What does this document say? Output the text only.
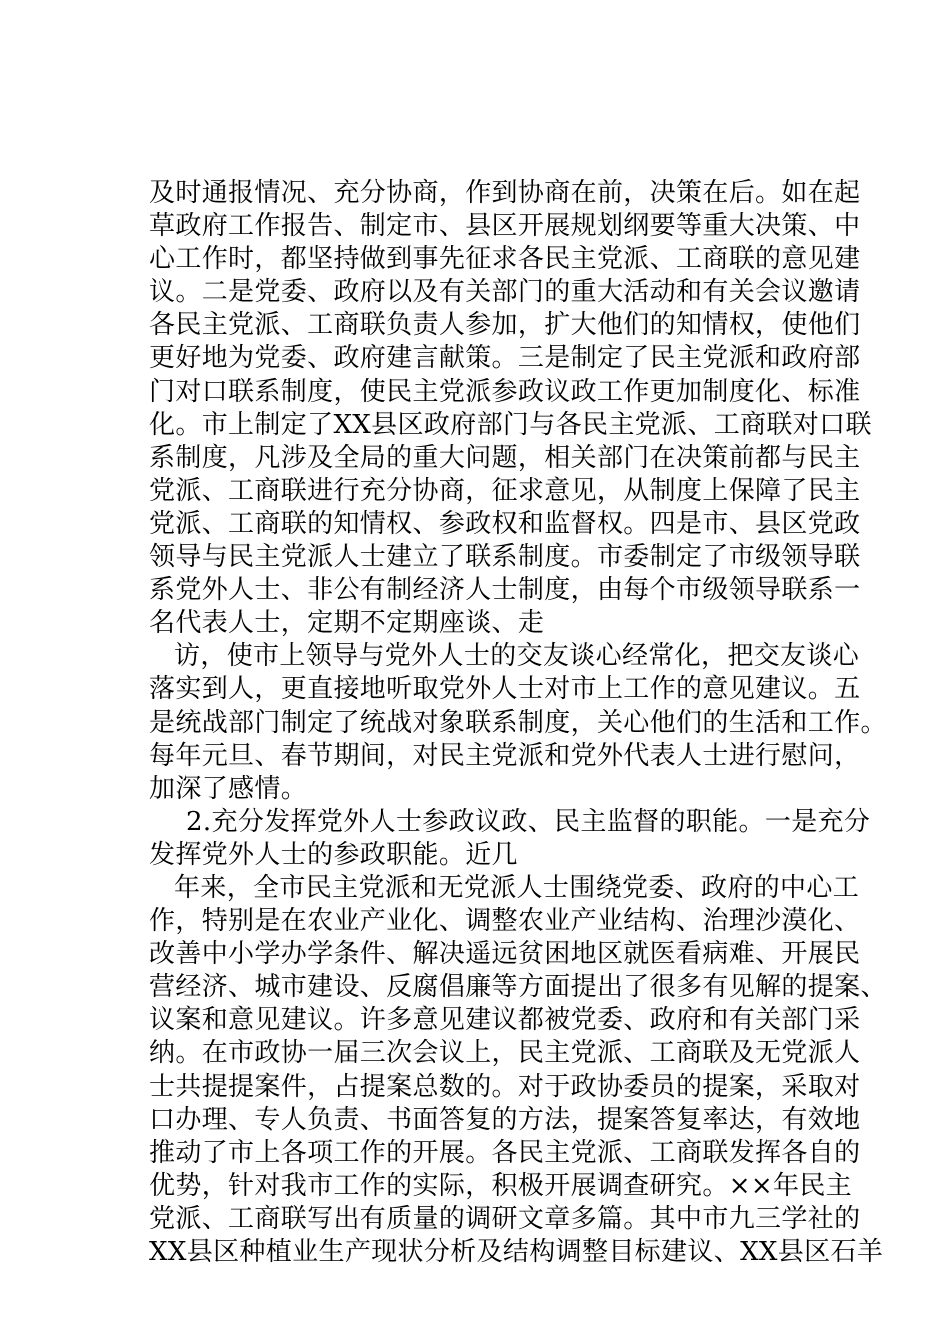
及时通报情况、充分协商，作到协商在前，决策在后。如在起
草政府工作报告、制定市、县区开展规划纲要等重大决策、中
心工作时，都坚持做到事先征求各民主党派、工商联的意见建
议。二是党委、政府以及有关部门的重大活动和有关会议邀请
各民主党派、工商联负责人参加，扩大他们的知情权，使他们
更好地为党委、政府建言献策。三是制定了民主党派和政府部
门对口联系制度，使民主党派参政议政工作更加制度化、标准
化。市上制定了XX县区政府部门与各民主党派、工商联对口联
系制度，凡涉及全局的重大问题，相关部门在决策前都与民主
党派、工商联进行充分协商，征求意见，从制度上保障了民主
党派、工商联的知情权、参政权和监督权。四是市、县区党政
领导与民主党派人士建立了联系制度。市委制定了市级领导联
系党外人士、非公有制经济人士制度，由每个市级领导联系一
名代表人士，定期不定期座谈、走
访，使市上领导与党外人士的交友谈心经常化，把交友谈心
落实到人，更直接地听取党外人士对市上工作的意见建议。五
是统战部门制定了统战对象联系制度，关心他们的生活和工作。
每年元旦、春节期间，对民主党派和党外代表人士进行慰问，
加深了感情。
2.充分发挥党外人士参政议政、民主监督的职能。一是充分
发挥党外人士的参政职能。近几
年来，全市民主党派和无党派人士围绕党委、政府的中心工
作，特别是在农业产业化、调整农业产业结构、治理沙漠化、
改善中小学办学条件、解决遥远贫困地区就医看病难、开展民
营经济、城市建设、反腐倡廉等方面提出了很多有见解的提案、
议案和意见建议。许多意见建议都被党委、政府和有关部门采
纳。在市政协一届三次会议上，民主党派、工商联及无党派人
士共提提案件，占提案总数的。对于政协委员的提案，采取对
口办理、专人负责、书面答复的方法，提案答复率达，有效地
推动了市上各项工作的开展。各民主党派、工商联发挥各自的
优势，针对我市工作的实际，积极开展调查研究。××年民主
党派、工商联写出有质量的调研文章多篇。其中市九三学社的
XX县区种植业生产现状分析及结构调整目标建议、XX县区石羊
